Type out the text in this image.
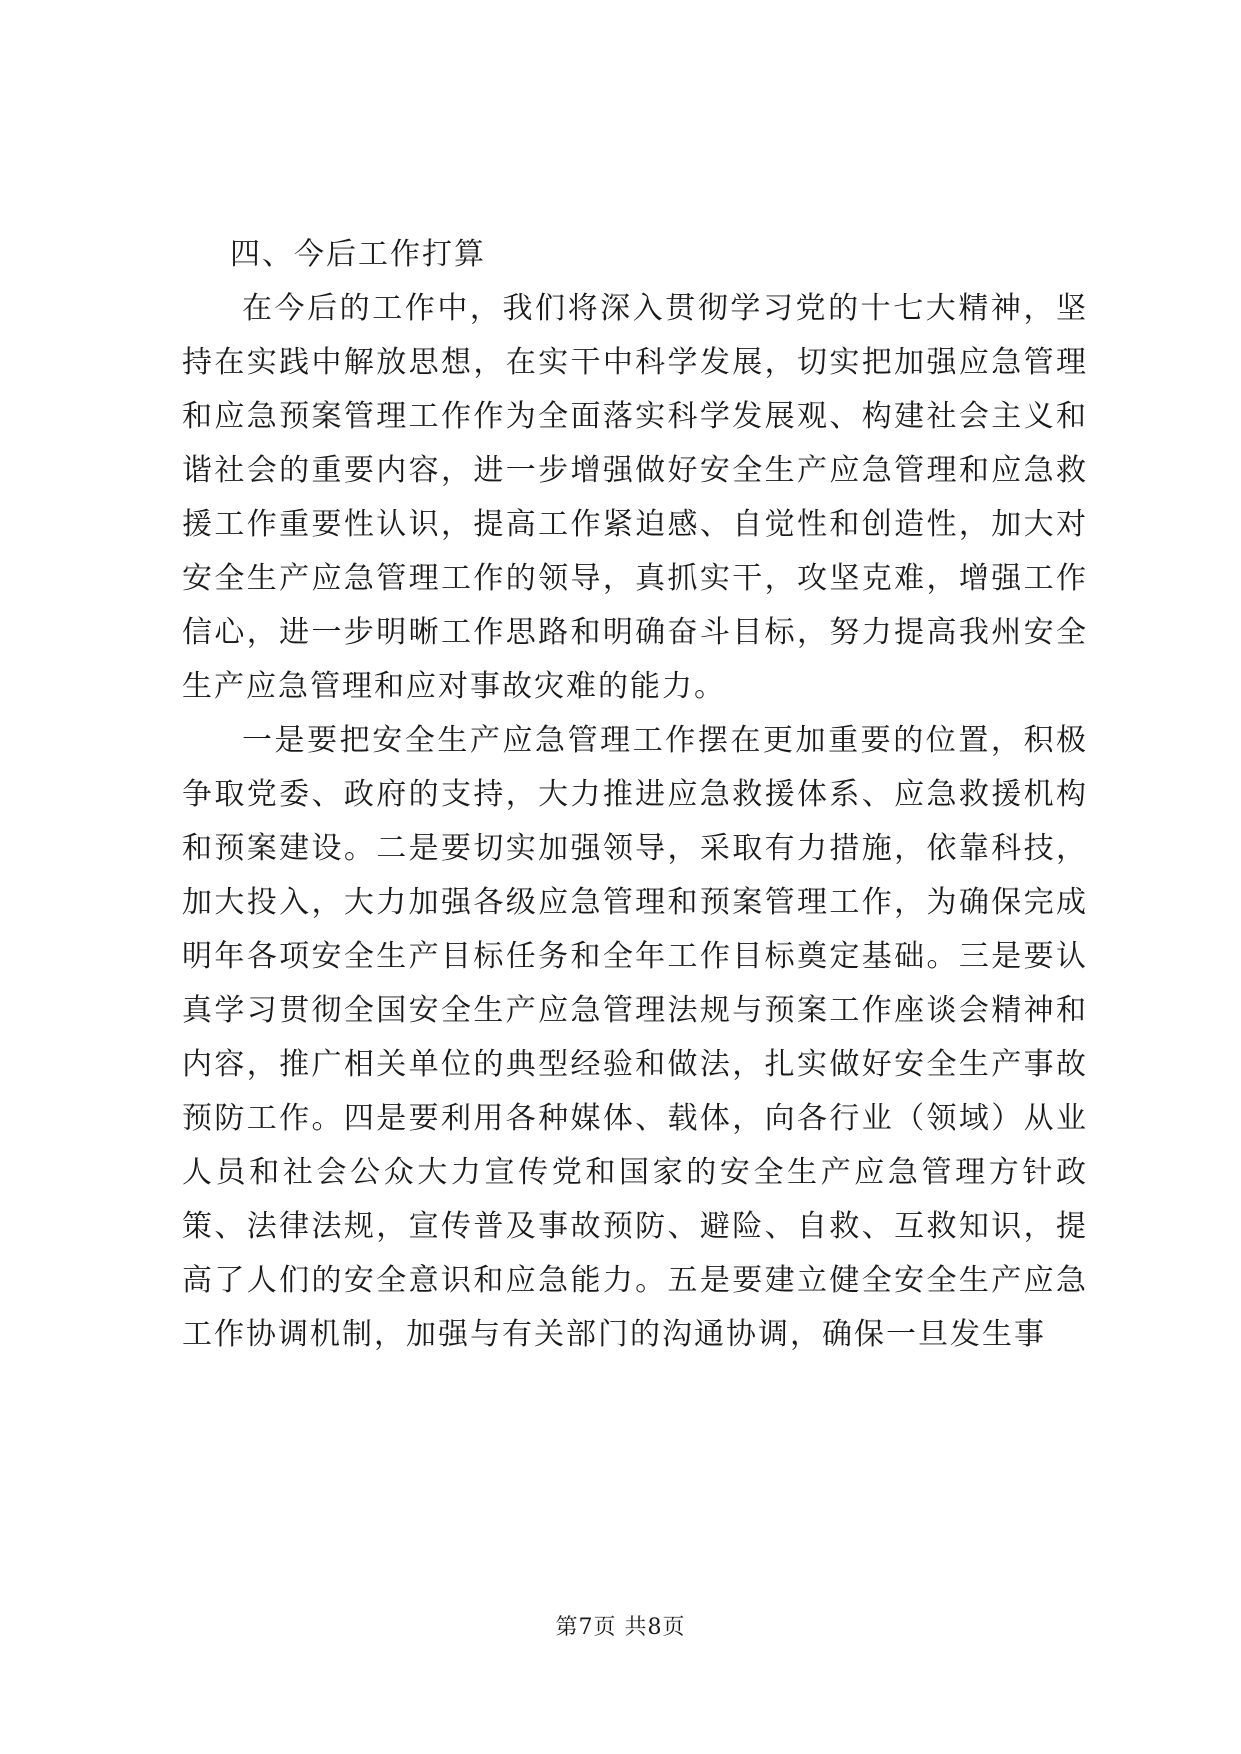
四、今后工作打算

在今后的工作中，我们将深入贯彻学习党的十七大精神，坚持在实践中解放思想，在实干中科学发展，切实把加强应急管理和应急预案管理工作作为全面落实科学发展观、构建社会主义和谐社会的重要内容，进一步增强做好安全生产应急管理和应急救援工作重要性认识，提高工作紧迫感、自觉性和创造性，加大对安全生产应急管理工作的领导，真抓实干，攻坚克难，增强工作信心，进一步明晰工作思路和明确奋斗目标，努力提高我州安全生产应急管理和应对事故灾难的能力。

一是要把安全生产应急管理工作摆在更加重要的位置，积极争取党委、政府的支持，大力推进应急救援体系、应急救援机构和预案建设。二是要切实加强领导，采取有力措施，依靠科技，加大投入，大力加强各级应急管理和预案管理工作，为确保完成明年各项安全生产目标任务和全年工作目标奠定基础。三是要认真学习贯彻全国安全生产应急管理法规与预案工作座谈会精神和内容，推广相关单位的典型经验和做法，扎实做好安全生产事故预防工作。四是要利用各种媒体、载体，向各行业（领域）从业人员和社会公众大力宣传党和国家的安全生产应急管理方针政策、法律法规，宣传普及事故预防、避险、自救、互救知识，提高了人们的安全意识和应急能力。五是要建立健全安全生产应急工作协调机制，加强与有关部门的沟通协调，确保一旦发生事

第7页 共8页
